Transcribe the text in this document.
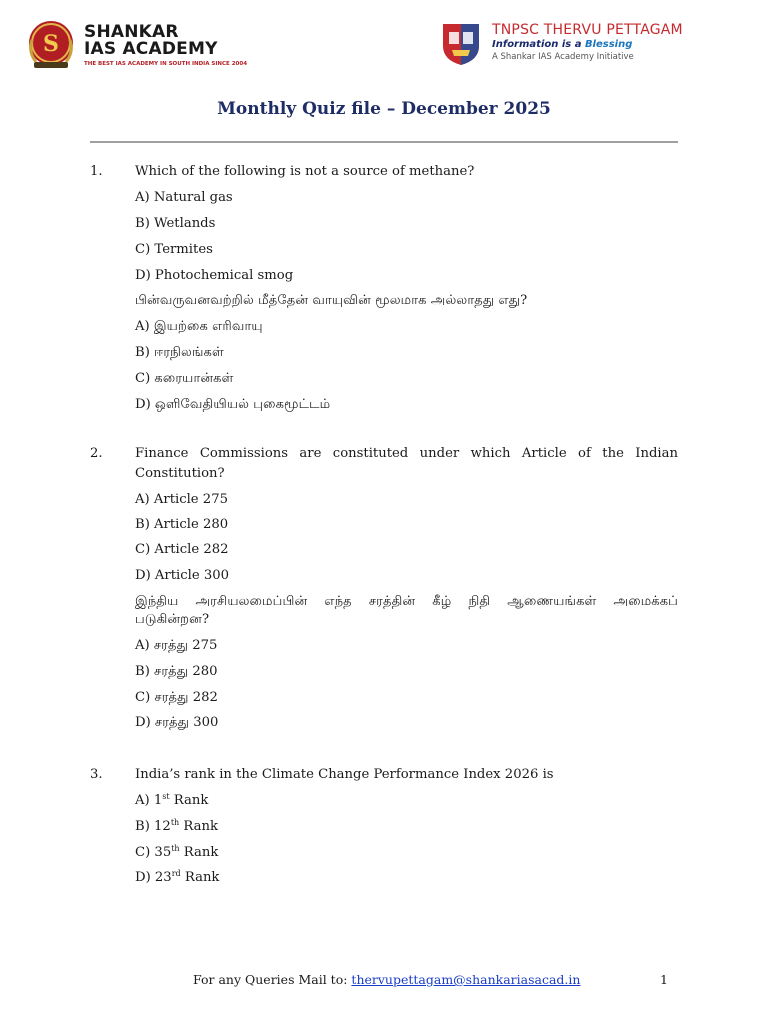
S SHANKAR
IAS ACADEMY
THE BEST IAS ACADEMY IN SOUTH INDIA SINCE 2004
TNPSC THERVU PETTAGAM
Information is a Blessing
A Shankar IAS Academy Initiative
Monthly Quiz file – December 2025
1. Which of the following is not a source of methane?
A) Natural gas
B) Wetlands
C) Termites
D) Photochemical smog
பின்வருவனவற்றில் மீத்தேன் வாயுவின் மூலமாக அல்லாதது எது?
A) இயற்கை எரிவாயு
B) ஈரநிலங்கள்
C) கரையான்கள்
D) ஒளிவேதியியல் புகைமூட்டம்
2. Finance Commissions are constituted under which Article of the Indian
Constitution?
A) Article 275
B) Article 280
C) Article 282
D) Article 300
இந்திய அரசியலமைப்பின் எந்த சரத்தின் கீழ் நிதி ஆணையங்கள் அமைக்கப்
படுகின்றன?
A) சரத்து 275
B) சரத்து 280
C) சரத்து 282
D) சரத்து 300
3. India’s rank in the Climate Change Performance Index 2026 is
A) 1st Rank
B) 12th Rank
C) 35th Rank
D) 23rd Rank
For any Queries Mail to: thervupettagam@shankariasacad.in	1
